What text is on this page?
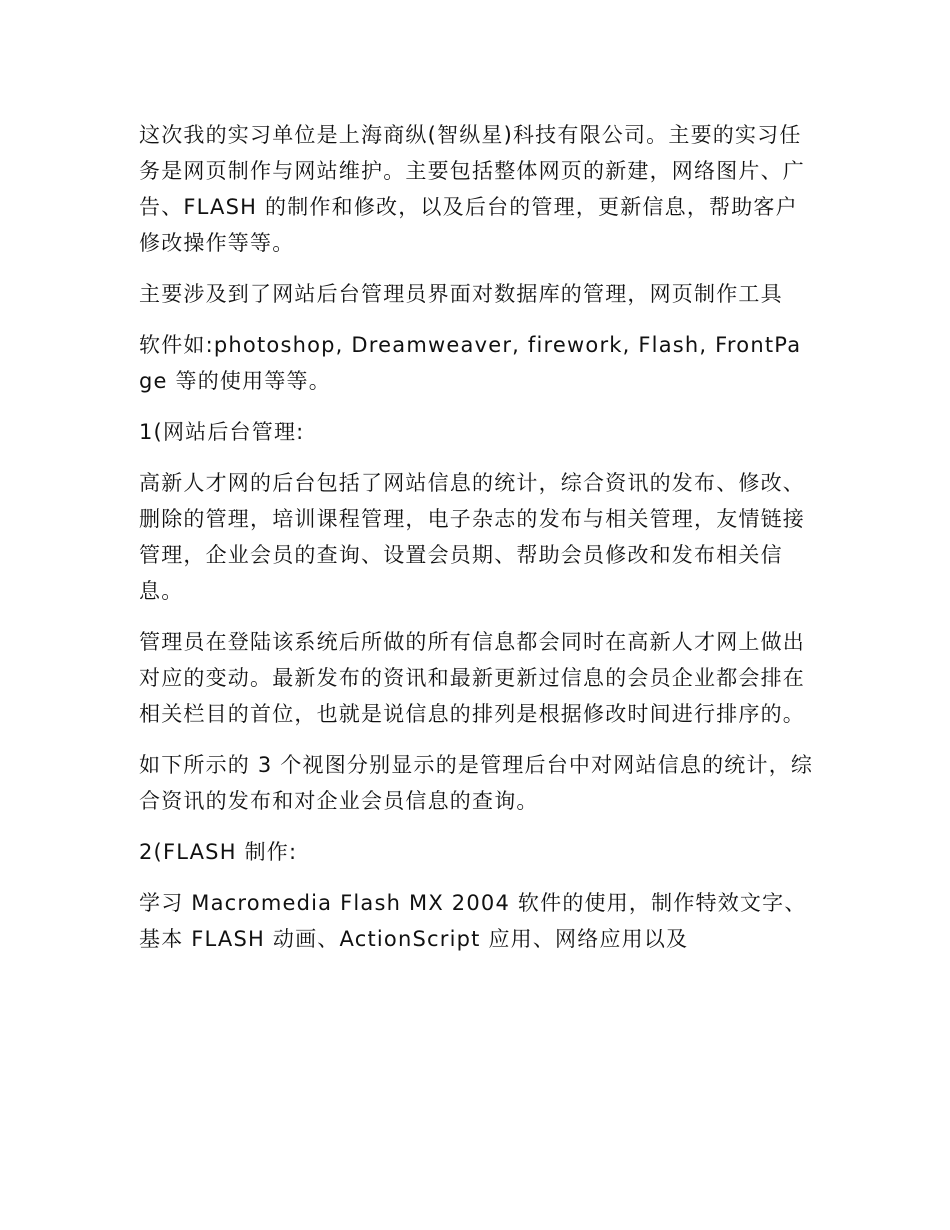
这次我的实习单位是上海商纵(智纵星)科技有限公司。主要的实习任务是网页制作与网站维护。主要包括整体网页的新建，网络图片、广告、FLASH 的制作和修改，以及后台的管理，更新信息，帮助客户修改操作等等。

主要涉及到了网站后台管理员界面对数据库的管理，网页制作工具

软件如:photoshop, Dreamweaver, firework, Flash, FrontPage 等的使用等等。

1(网站后台管理:

高新人才网的后台包括了网站信息的统计，综合资讯的发布、修改、删除的管理，培训课程管理，电子杂志的发布与相关管理，友情链接管理，企业会员的查询、设置会员期、帮助会员修改和发布相关信息。

管理员在登陆该系统后所做的所有信息都会同时在高新人才网上做出对应的变动。最新发布的资讯和最新更新过信息的会员企业都会排在相关栏目的首位，也就是说信息的排列是根据修改时间进行排序的。

如下所示的 3 个视图分别显示的是管理后台中对网站信息的统计，综合资讯的发布和对企业会员信息的查询。

2(FLASH 制作:

学习 Macromedia Flash MX 2004 软件的使用，制作特效文字、基本 FLASH 动画、ActionScript 应用、网络应用以及
